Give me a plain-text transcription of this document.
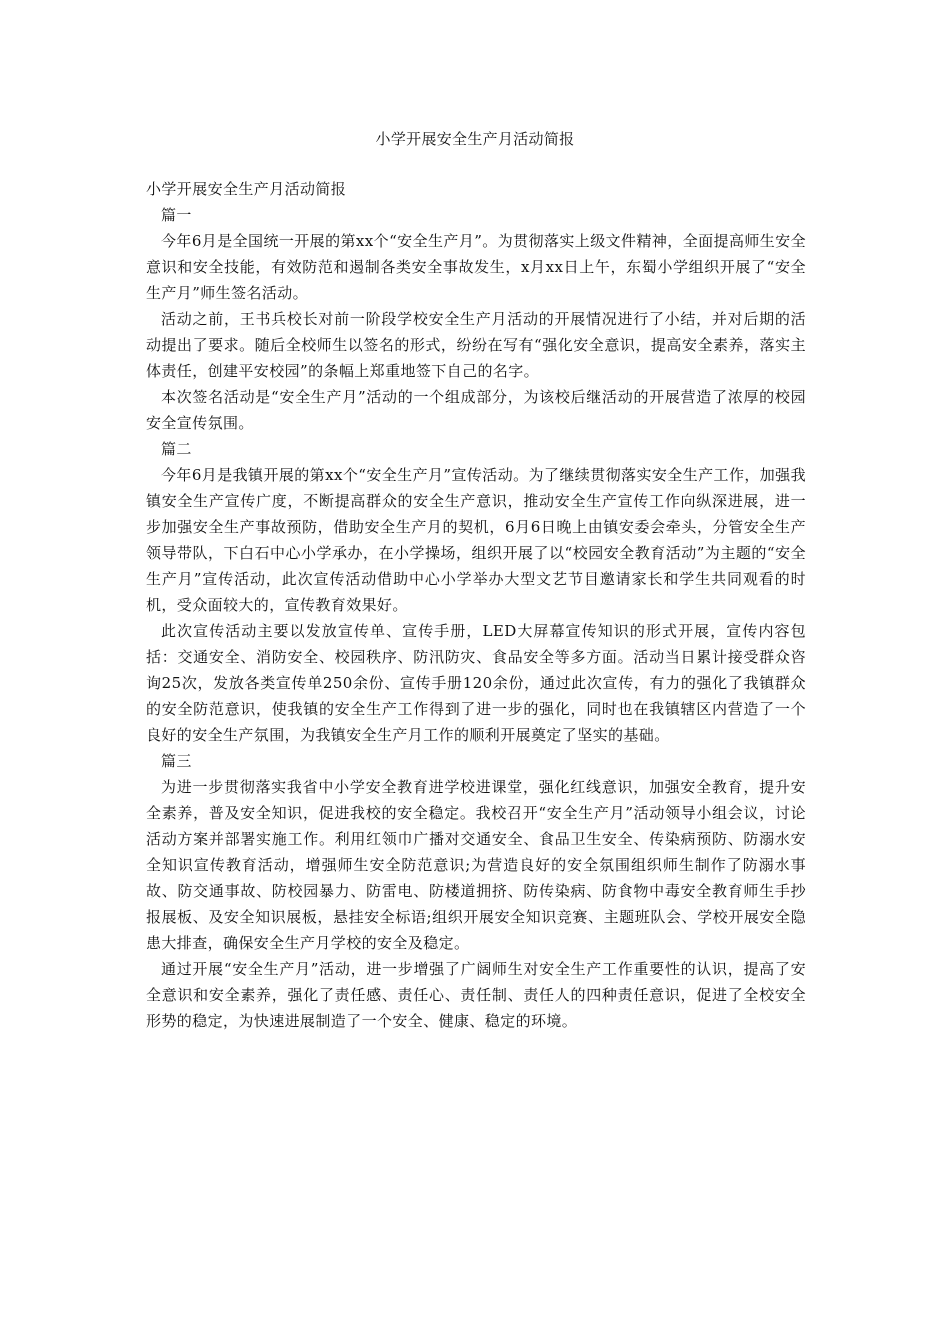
小学开展安全生产月活动简报

小学开展安全生产月活动简报

篇一

今年6月是全国统一开展的第xx个“安全生产月”。为贯彻落实上级文件精神，全面提高师生安全意识和安全技能，有效防范和遏制各类安全事故发生，x月xx日上午，东蜀小学组织开展了“安全生产月”师生签名活动。

活动之前，王书兵校长对前一阶段学校安全生产月活动的开展情况进行了小结，并对后期的活动提出了要求。随后全校师生以签名的形式，纷纷在写有“强化安全意识，提高安全素养，落实主体责任，创建平安校园”的条幅上郑重地签下自己的名字。

本次签名活动是“安全生产月”活动的一个组成部分，为该校后继活动的开展营造了浓厚的校园安全宣传氛围。

篇二

今年6月是我镇开展的第xx个“安全生产月”宣传活动。为了继续贯彻落实安全生产工作，加强我镇安全生产宣传广度，不断提高群众的安全生产意识，推动安全生产宣传工作向纵深进展，进一步加强安全生产事故预防，借助安全生产月的契机，6月6日晚上由镇安委会牵头，分管安全生产领导带队，下白石中心小学承办，在小学操场，组织开展了以“校园安全教育活动”为主题的“安全生产月”宣传活动，此次宣传活动借助中心小学举办大型文艺节目邀请家长和学生共同观看的时机，受众面较大的，宣传教育效果好。

此次宣传活动主要以发放宣传单、宣传手册，LED大屏幕宣传知识的形式开展，宣传内容包括：交通安全、消防安全、校园秩序、防汛防灾、食品安全等多方面。活动当日累计接受群众咨询25次，发放各类宣传单250余份、宣传手册120余份，通过此次宣传，有力的强化了我镇群众的安全防范意识，使我镇的安全生产工作得到了进一步的强化，同时也在我镇辖区内营造了一个良好的安全生产氛围，为我镇安全生产月工作的顺利开展奠定了坚实的基础。

篇三

为进一步贯彻落实我省中小学安全教育进学校进课堂，强化红线意识，加强安全教育，提升安全素养，普及安全知识，促进我校的安全稳定。我校召开“安全生产月”活动领导小组会议，讨论活动方案并部署实施工作。利用红领巾广播对交通安全、食品卫生安全、传染病预防、防溺水安全知识宣传教育活动，增强师生安全防范意识;为营造良好的安全氛围组织师生制作了防溺水事故、防交通事故、防校园暴力、防雷电、防楼道拥挤、防传染病、防食物中毒安全教育师生手抄报展板、及安全知识展板，悬挂安全标语;组织开展安全知识竞赛、主题班队会、学校开展安全隐患大排查，确保安全生产月学校的安全及稳定。

通过开展“安全生产月”活动，进一步增强了广阔师生对安全生产工作重要性的认识，提高了安全意识和安全素养，强化了责任感、责任心、责任制、责任人的四种责任意识，促进了全校安全形势的稳定，为快速进展制造了一个安全、健康、稳定的环境。
